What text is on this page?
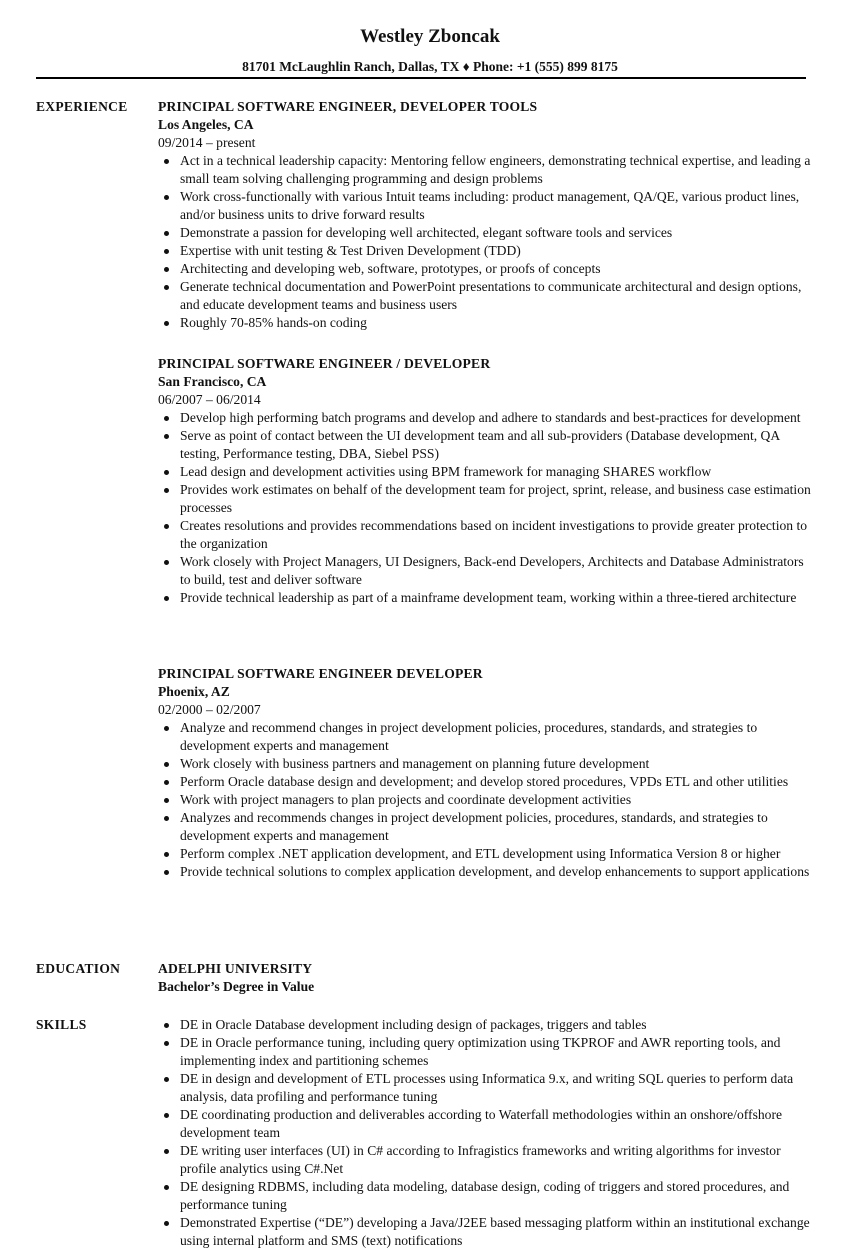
Westley Zboncak
81701 McLaughlin Ranch, Dallas, TX ♦ Phone: +1 (555) 899 8175
EXPERIENCE PRINCIPAL SOFTWARE ENGINEER, DEVELOPER TOOLS
Los Angeles, CA
09/2014 – present
Act in a technical leadership capacity: Mentoring fellow engineers, demonstrating technical expertise, and leading a small team solving challenging programming and design problems
Work cross-functionally with various Intuit teams including: product management, QA/QE, various product lines, and/or business units to drive forward results
Demonstrate a passion for developing well architected, elegant software tools and services
Expertise with unit testing & Test Driven Development (TDD)
Architecting and developing web, software, prototypes, or proofs of concepts
Generate technical documentation and PowerPoint presentations to communicate architectural and design options, and educate development teams and business users
Roughly 70-85% hands-on coding
PRINCIPAL SOFTWARE ENGINEER / DEVELOPER
San Francisco, CA
06/2007 – 06/2014
Develop high performing batch programs and develop and adhere to standards and best-practices for development
Serve as point of contact between the UI development team and all sub-providers (Database development, QA testing, Performance testing, DBA, Siebel PSS)
Lead design and development activities using BPM framework for managing SHARES workflow
Provides work estimates on behalf of the development team for project, sprint, release, and business case estimation processes
Creates resolutions and provides recommendations based on incident investigations to provide greater protection to the organization
Work closely with Project Managers, UI Designers, Back-end Developers, Architects and Database Administrators to build, test and deliver software
Provide technical leadership as part of a mainframe development team, working within a three-tiered architecture
PRINCIPAL SOFTWARE ENGINEER DEVELOPER
Phoenix, AZ
02/2000 – 02/2007
Analyze and recommend changes in project development policies, procedures, standards, and strategies to development experts and management
Work closely with business partners and management on planning future development
Perform Oracle database design and development; and develop stored procedures, VPDs ETL and other utilities
Work with project managers to plan projects and coordinate development activities
Analyzes and recommends changes in project development policies, procedures, standards, and strategies to development experts and management
Perform complex .NET application development, and ETL development using Informatica Version 8 or higher
Provide technical solutions to complex application development, and develop enhancements to support applications
EDUCATION	ADELPHI UNIVERSITY
Bachelor’s Degree in Value
SKILLS	DE in Oracle Database development including design of packages, triggers and tables
DE in Oracle performance tuning, including query optimization using TKPROF and AWR reporting tools, and implementing index and partitioning schemes
DE in design and development of ETL processes using Informatica 9.x, and writing SQL queries to perform data analysis, data profiling and performance tuning
DE coordinating production and deliverables according to Waterfall methodologies within an onshore/offshore development team
DE writing user interfaces (UI) in C# according to Infragistics frameworks and writing algorithms for investor profile analytics using C#.Net
DE designing RDBMS, including data modeling, database design, coding of triggers and stored procedures, and performance tuning
Demonstrated Expertise (“DE”) developing a Java/J2EE based messaging platform within an institutional exchange using internal platform and SMS (text) notifications
